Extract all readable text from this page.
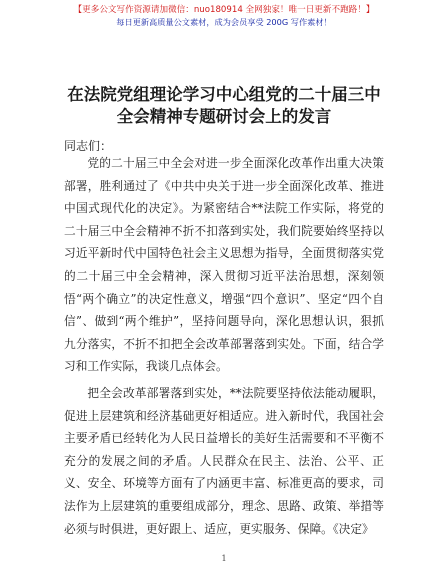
【更多公文写作资源请加微信：nuo180914 全网独家！唯一日更新不跑路！】
每日更新高质量公文素材，成为会员享受 200G 写作素材！
在法院党组理论学习中心组党的二十届三中全会精神专题研讨会上的发言
同志们：

党的二十届三中全会对进一步全面深化改革作出重大决策部署，胜利通过了《中共中央关于进一步全面深化改革、推进中国式现代化的决定》。为紧密结合**法院工作实际，将党的二十届三中全会精神不折不扣落到实处，我们院要始终坚持以习近平新时代中国特色社会主义思想为指导，全面贯彻落实党的二十届三中全会精神，深入贯彻习近平法治思想，深刻领悟“两个确立”的决定性意义，增强“四个意识”、坚定“四个自信”、做到“两个维护”，坚持问题导向，深化思想认识，狠抓九分落实，不折不扣把全会改革部署落到实处。下面，结合学习和工作实际，我谈几点体会。

把全会改革部署落到实处，**法院要坚持依法能动履职，促进上层建筑和经济基础更好相适应。进入新时代，我国社会主要矛盾已经转化为人民日益增长的美好生活需要和不平衡不充分的发展之间的矛盾。人民群众在民主、法治、公平、正义、安全、环境等方面有了内涵更丰富、标准更高的要求，司法作为上层建筑的重要组成部分，理念、思路、政策、举措等必须与时俱进，更好跟上、适应，更实服务、保障。《决定》

1
